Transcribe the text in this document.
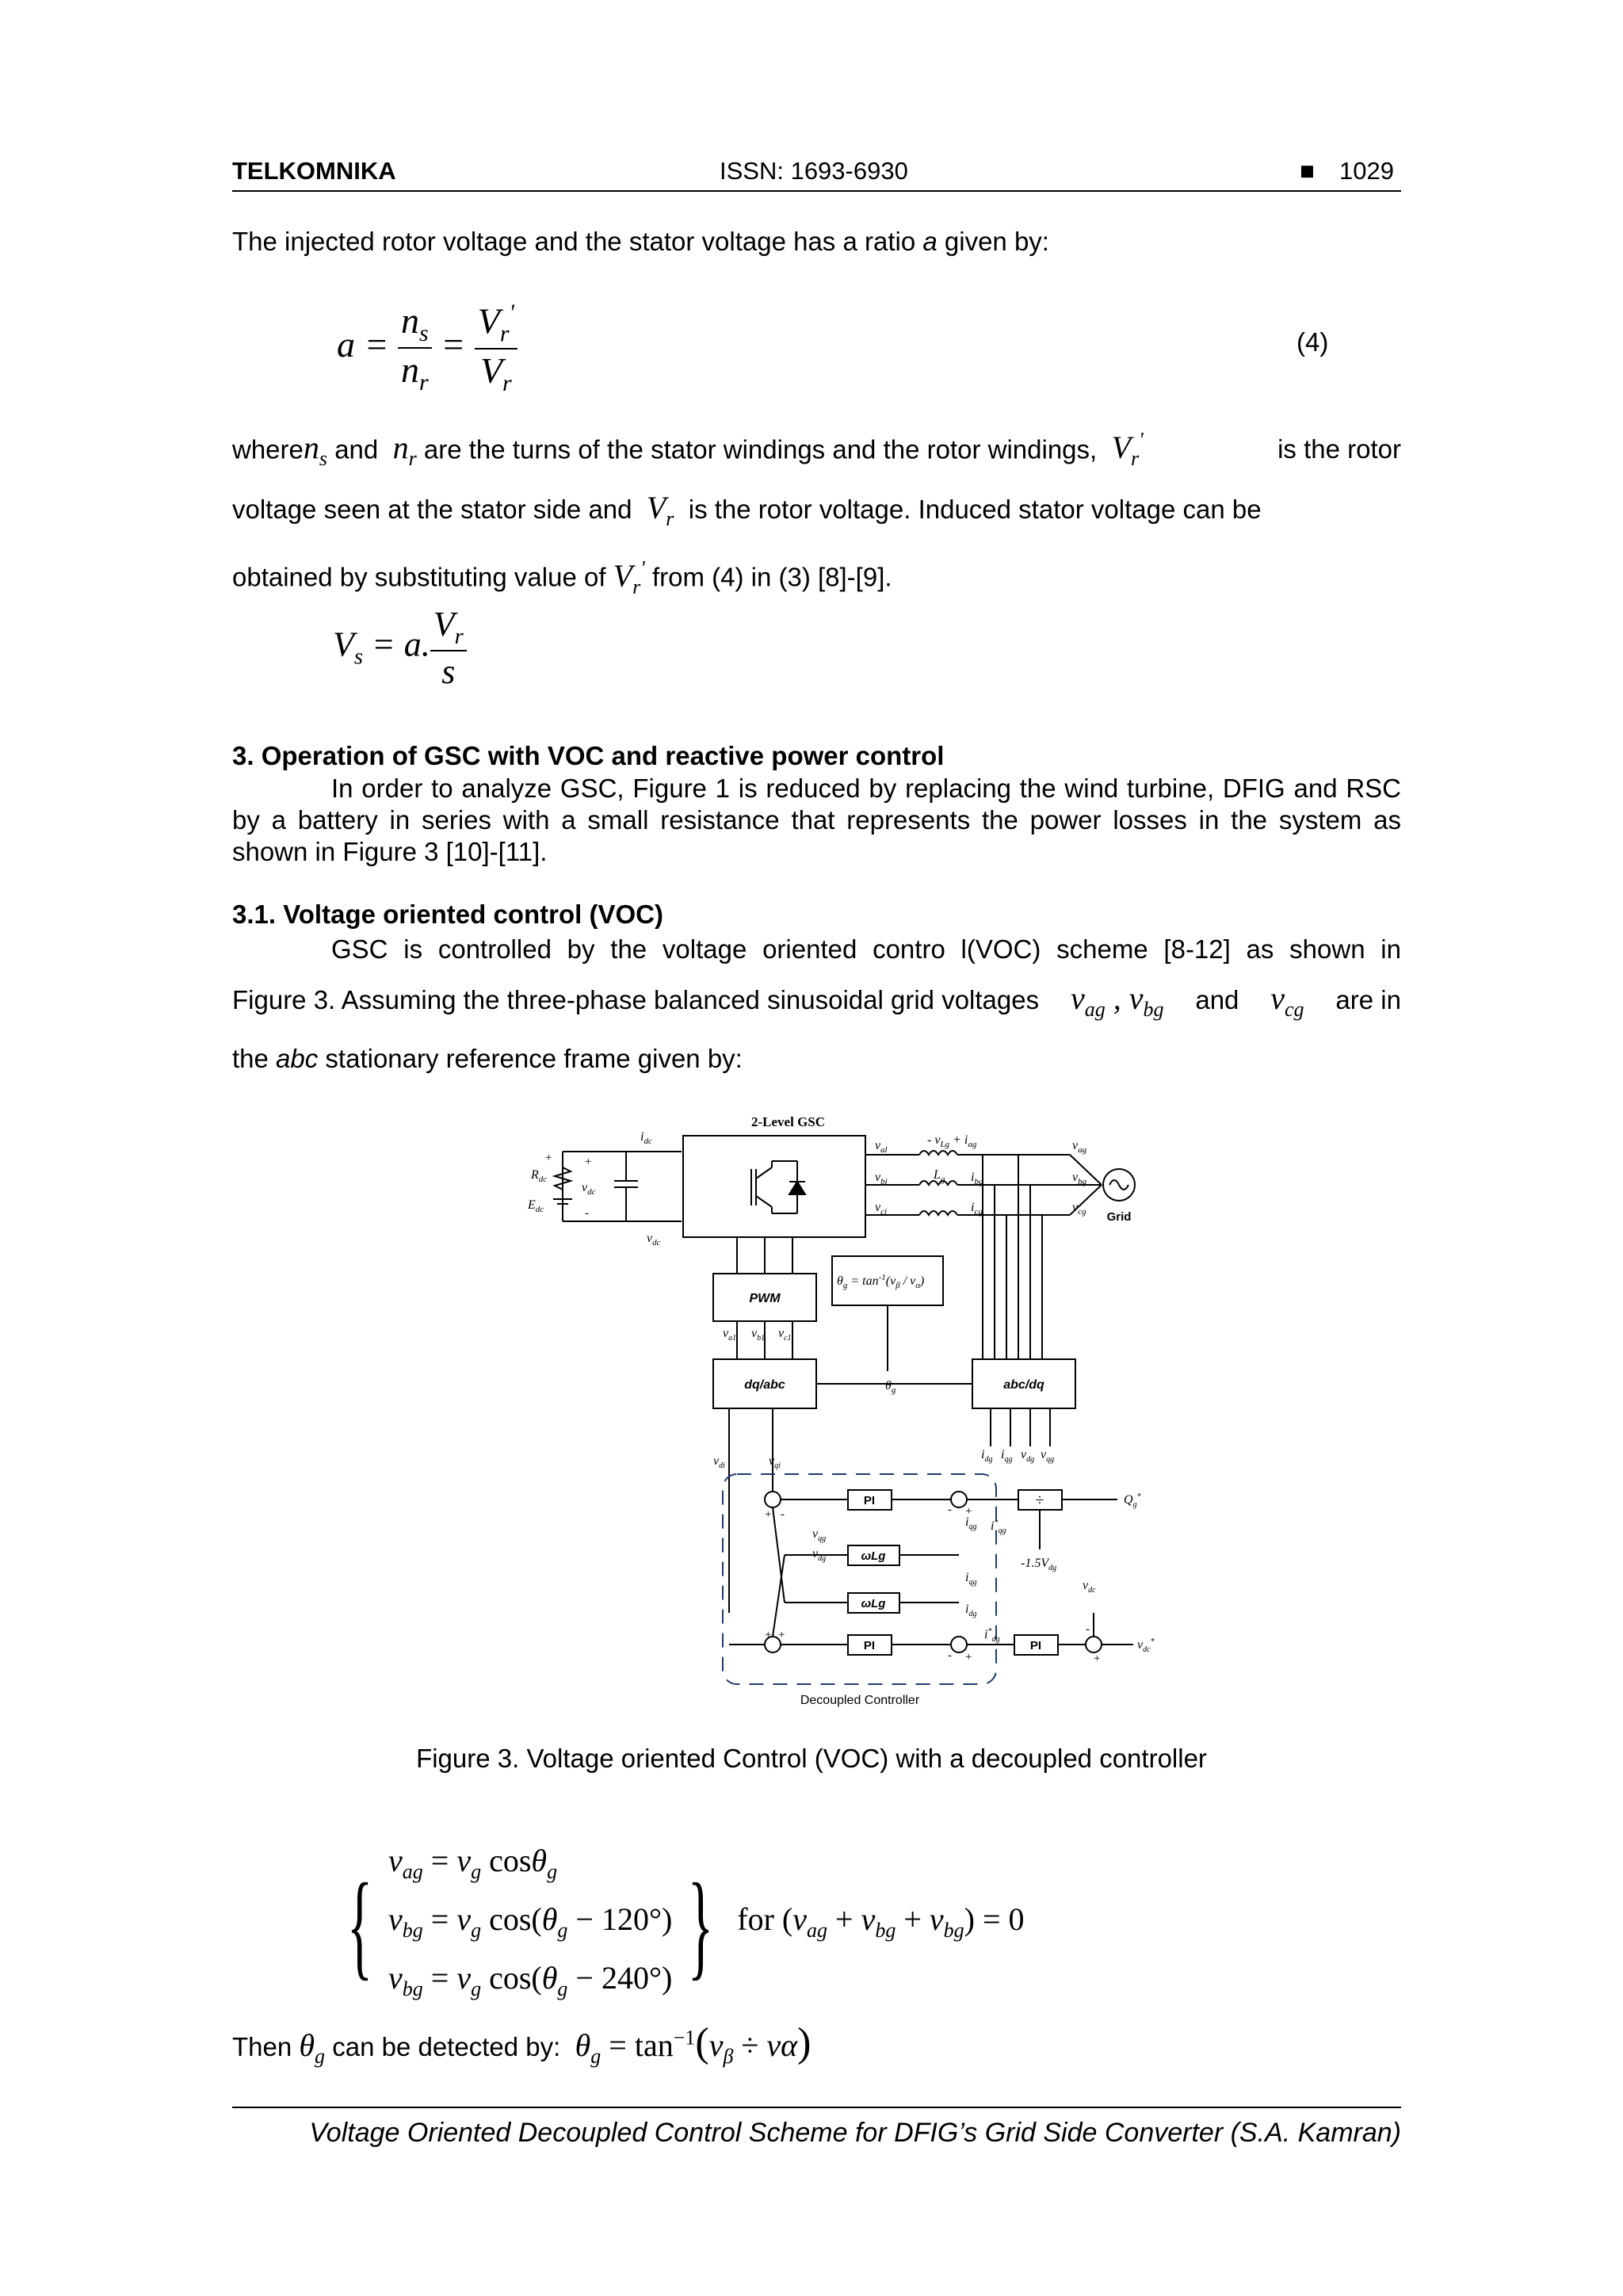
TELKOMNIKA	ISSN: 1693-6930	■ 1029
The injected rotor voltage and the stator voltage has a ratio a given by:
$a = \frac{n_s}{n_r} = \frac{V_r'}{V_r}$	(4)
wheren$_s$ and $n_r$ are the turns of the stator windings and the rotor windings, $V_r'$	is the rotor
voltage seen at the stator side and $V_r$ is the rotor voltage. Induced stator voltage can be
obtained by substituting value of $V_r'$ from (4) in (3) [8]-[9].
$V_s = a$. $\frac{V_r}{s}$
3. Operation of GSC with VOC and reactive power control
In order to analyze GSC, Figure 1 is reduced by replacing the wind turbine, DFIG and RSC by a battery in series with a small resistance that represents the power losses in the system as shown in Figure 3 [10]-[11].
3.1. Voltage oriented control (VOC)
GSC is controlled by the voltage oriented contro l(VOC) scheme [8-12] as shown in
Figure 3. Assuming the three-phase balanced sinusoidal grid voltages $v_{ag}$ , $v_{bg}$ and $v_{cg}$ are in
the abc stationary reference frame given by:
$i_{dc}$
$R_{dc}$
$E_{dc}$
$v_{dc}$
$v_{dc}$
$v_{al}$
$v_{bi}$
$v_{ci}$
- $v_{Lg} + i_{ag}$
$L_g$ $i_{bg}$
$i_{cg}$
$v_{ag}$
$v_{bg}$
$v_{cg}$
$\theta_g = \tan^{-1}(v_\beta / v_\alpha)$
$v_{a1}$ $v_{b1}$ $v_{c1}$
$\theta_g$
$i_{dg}$ $i_{qg}$ $v_{dg}$ $v_{qg}$
$v_{di}$	$v_{qi}$
$v_{qg}$
$v_{dg}$
$i_{qg}$
$i_{qg}$
$i_{dg}$
$i^*_{dg}$
$i^*_{qg}$
$-1.5V_{dg}$
$v_{dc}$
$Q_g^*$
$v_{dc}^*$
+	+
-
+ -
+ +
- +
- +
-
+
2-Level GSC
PWM
dq/abc	abc/dq
Grid
PI
PI	PI
ωLg
ωLg
÷
Decoupled Controller
Figure 3. Voltage oriented Control (VOC) with a decoupled controller
{ $v_{ag} = v_g$ cosθ$_g$
$v_{bg} = v_g$ $\cos(\theta_g - 120^\circ)$
$v_{bg} = v_g$ $\cos(\theta_g - 240^\circ)$ } for $(v_{ag} + v_{bg} + v_{bg}) = 0$
Then $\theta_g$ can be detected by: $\theta_g = \tan^{-1}(v_\beta \div v\alpha)$
Voltage Oriented Decoupled Control Scheme for DFIG’s Grid Side Converter (S.A. Kamran)
